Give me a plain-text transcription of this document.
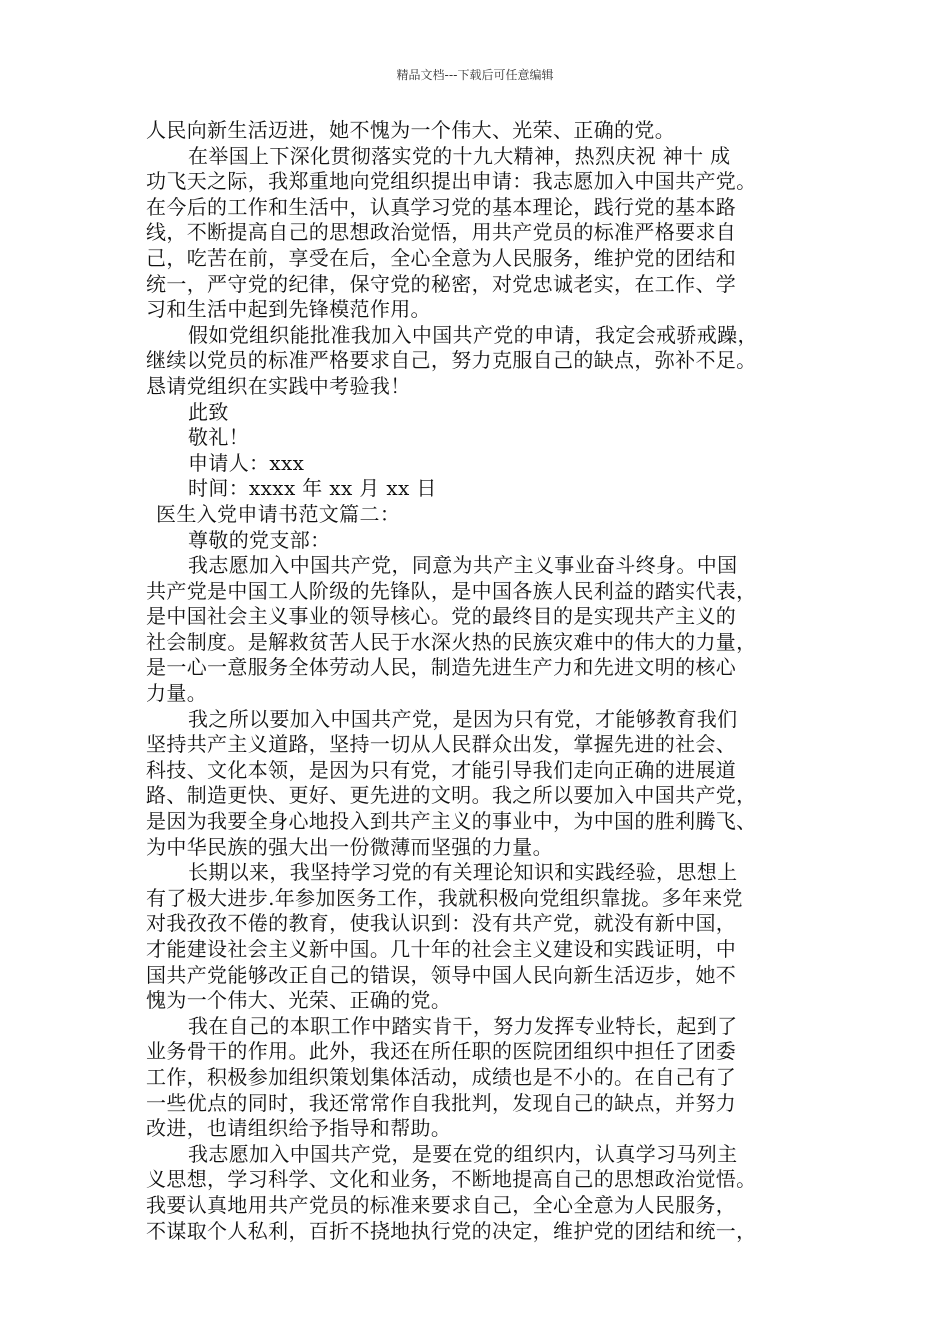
精品文档---下载后可任意编辑
人民向新生活迈进，她不愧为一个伟大、光荣、正确的党。
在举国上下深化贯彻落实党的十九大精神，热烈庆祝 神十 成
功飞天之际，我郑重地向党组织提出申请：我志愿加入中国共产党。
在今后的工作和生活中，认真学习党的基本理论，践行党的基本路
线，不断提高自己的思想政治觉悟，用共产党员的标准严格要求自
己，吃苦在前，享受在后，全心全意为人民服务，维护党的团结和
统一，严守党的纪律，保守党的秘密，对党忠诚老实，在工作、学
习和生活中起到先锋模范作用。
假如党组织能批准我加入中国共产党的申请，我定会戒骄戒躁，
继续以党员的标准严格要求自己，努力克服自己的缺点，弥补不足。
恳请党组织在实践中考验我！
此致
敬礼！
申请人：xxx
时间：xxxx 年 xx 月 xx 日
医生入党申请书范文篇二：
尊敬的党支部：
我志愿加入中国共产党，同意为共产主义事业奋斗终身。中国
共产党是中国工人阶级的先锋队，是中国各族人民利益的踏实代表，
是中国社会主义事业的领导核心。党的最终目的是实现共产主义的
社会制度。是解救贫苦人民于水深火热的民族灾难中的伟大的力量，
是一心一意服务全体劳动人民，制造先进生产力和先进文明的核心
力量。
我之所以要加入中国共产党，是因为只有党，才能够教育我们
坚持共产主义道路，坚持一切从人民群众出发，掌握先进的社会、
科技、文化本领，是因为只有党，才能引导我们走向正确的进展道
路、制造更快、更好、更先进的文明。我之所以要加入中国共产党，
是因为我要全身心地投入到共产主义的事业中，为中国的胜利腾飞、
为中华民族的强大出一份微薄而坚强的力量。
长期以来，我坚持学习党的有关理论知识和实践经验，思想上
有了极大进步.年参加医务工作，我就积极向党组织靠拢。多年来党
对我孜孜不倦的教育，使我认识到：没有共产党，就没有新中国，
才能建设社会主义新中国。几十年的社会主义建设和实践证明，中
国共产党能够改正自己的错误，领导中国人民向新生活迈步，她不
愧为一个伟大、光荣、正确的党。
我在自己的本职工作中踏实肯干，努力发挥专业特长，起到了
业务骨干的作用。此外，我还在所任职的医院团组织中担任了团委
工作，积极参加组织策划集体活动，成绩也是不小的。在自己有了
一些优点的同时，我还常常作自我批判，发现自己的缺点，并努力
改进，也请组织给予指导和帮助。
我志愿加入中国共产党，是要在党的组织内，认真学习马列主
义思想，学习科学、文化和业务，不断地提高自己的思想政治觉悟。
我要认真地用共产党员的标准来要求自己，全心全意为人民服务，
不谋取个人私利，百折不挠地执行党的决定，维护党的团结和统一，
